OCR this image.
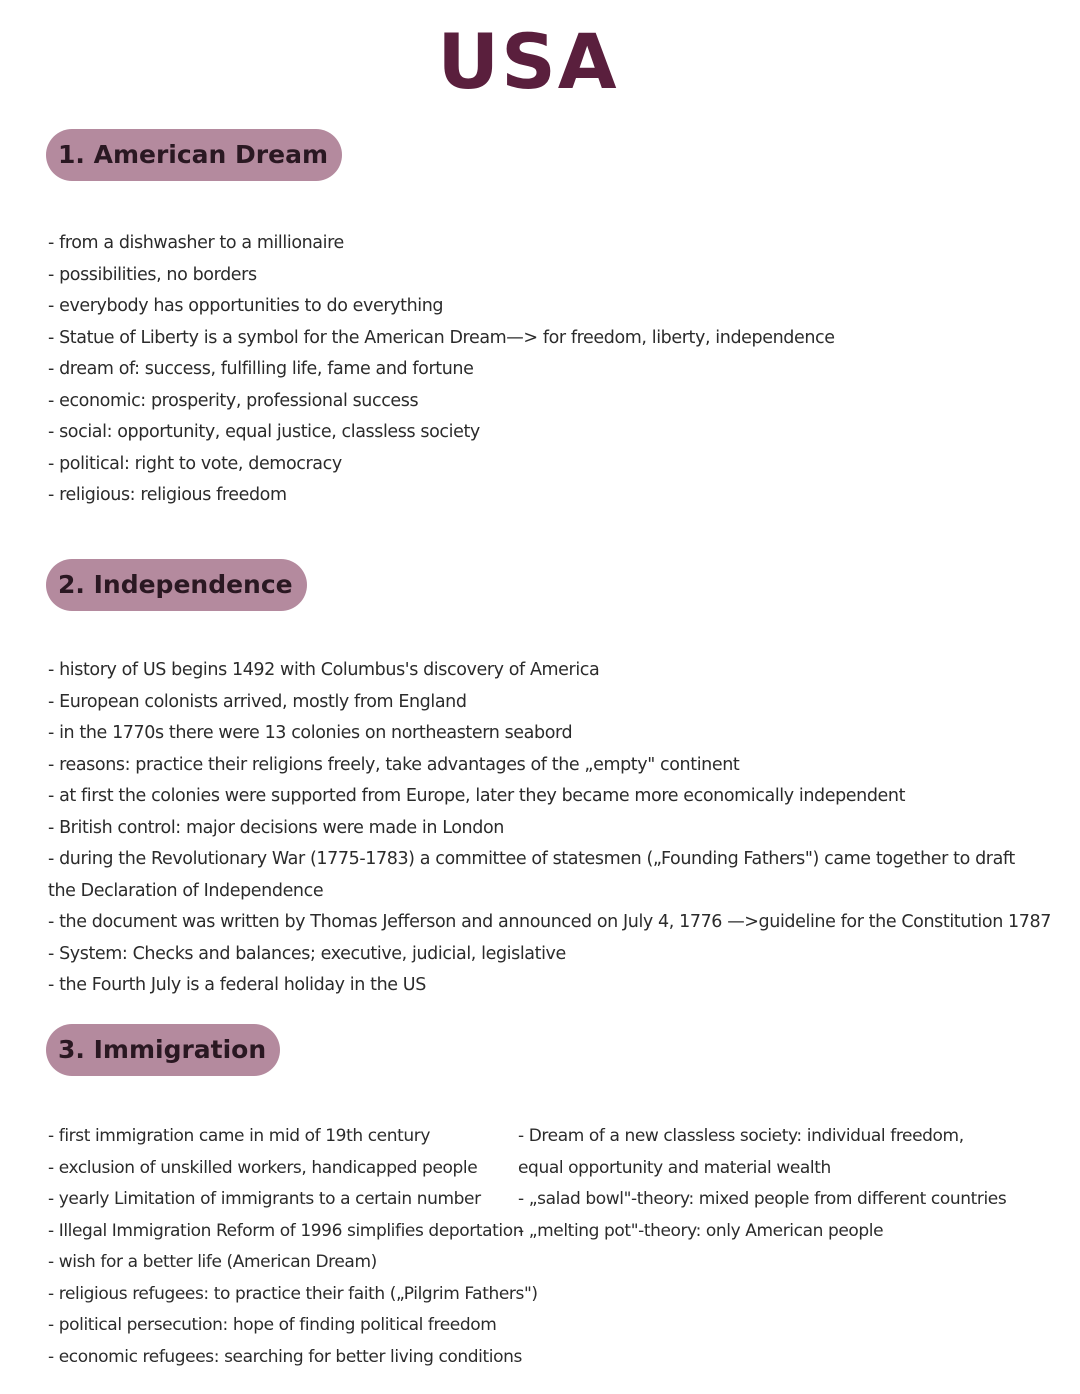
USA
1. American Dream
- from a dishwasher to a millionaire
- possibilities, no borders
- everybody has opportunities to do everything
- Statue of Liberty is a symbol for the American Dream—> for freedom, liberty, independence
- dream of: success, fulfilling life, fame and fortune
- economic: prosperity, professional success
- social: opportunity, equal justice, classless society
- political: right to vote, democracy
- religious: religious freedom
2. Independence
- history of US begins 1492 with Columbus's discovery of America
- European colonists arrived, mostly from England
- in the 1770s there were 13 colonies on northeastern seabord
- reasons: practice their religions freely, take advantages of the „empty" continent
- at first the colonies were supported from Europe, later they became more economically independent
- British control: major decisions were made in London
- during the Revolutionary War (1775-1783) a committee of statesmen („Founding Fathers") came together to draft the Declaration of Independence
- the document was written by Thomas Jefferson and announced on July 4, 1776 —>guideline for the Constitution 1787
- System: Checks and balances; executive, judicial, legislative
- the Fourth July is a federal holiday in the US
3. Immigration
- first immigration came in mid of 19th century
- exclusion of unskilled workers, handicapped people
- yearly Limitation of immigrants to a certain number
- Illegal Immigration Reform of 1996 simplifies deportation
- wish for a better life (American Dream)
- religious refugees: to practice their faith („Pilgrim Fathers")
- political persecution: hope of finding political freedom
- economic refugees: searching for better living conditions
- Dream of a new classless society: individual freedom, equal opportunity and material wealth
- „salad bowl"-theory: mixed people from different countries
- „melting pot"-theory: only American people
